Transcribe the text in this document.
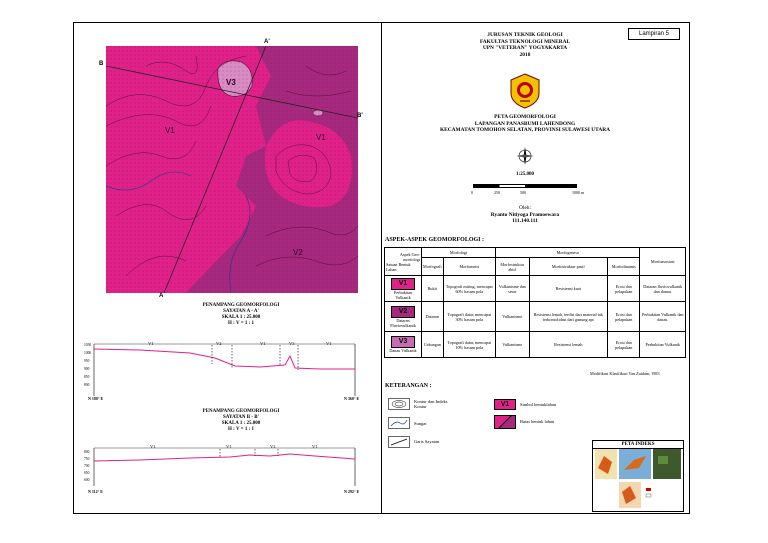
A'
A
B
B'
V1
V1
V2
V3
PENAMPANG GEOMORFOLOGI
SAYATAN A - A'
SKALA 1 : 25.000
H : V = 1 : 1
1050
1000
950
900
850
800
N 180° E	N 360° E
V1	V2	V1	V3	V1
PENAMPANG GEOMORFOLOGI
SAYATAN B - B'
SKALA 1 : 25.000
H : V = 1 : 1
800
750
700
650
600
N 112° E	N 292° E
V1	V1	V2	V1
Lampiran 5
JURUSAN TEKNIK GEOLOGI
FAKULTAS TEKNOLOGI MINERAL
UPN "VETERAN" YOGYAKARTA
2018
PETA GEOMORFOLOGI
LAPANGAN PANASBUMI LAHENDONG
KECAMATAN TOMOHON SELATAN, PROVINSI SULAWESI UTARA
1:25.000
0	250	500	1000 m
Oleh:
Ryanto Nitiyoga Pramoewara
111.140.111
ASPEK-ASPEK GEOMORFOLOGI :
Aspek Geo-morfologi
Satuan Bentuk Lahan	Morfologi		Morfogenesa			Morfoasosiasi
	Morfografi	Morfometri	Morfostruktur aktif	Morfostruktur pasif	Morfodinamis	
V1
Perbukitan Vulkanik	Bukit	Topografi miring, mencapai 60% hasam pola	Vulkanisme dan sesar	Resistensi kuat	Erosi dan pelapukan	Dataran fluviovulkanik dan danau.
V2
Dataran Fluviovulkanik	Dataran	Topografi datar, mencapai 30% hasam pola	Vulkanisme	Resistensi lemah, terdiri dari material tak terkonsolidasi dari gunung api	Erosi dan pelapukan	Perbukitan Vulkanik dan danau.
V3
Danau Vulkanik	Cekungan	Topografi datar, mencapai 10% hasam pola	Vulkanisme	Resistensi lemah	Erosi dan pelapukan	Perbukitan Vulkanik
Modifikasi Klasifikasi Van Zuidam, 1983
KETERANGAN :
Kontur dan Indeks Kontur
Sungai
Garis Sayatan
V1	Simbol bentuklahan
Batas bentuk lahan
PETA INDEKS
